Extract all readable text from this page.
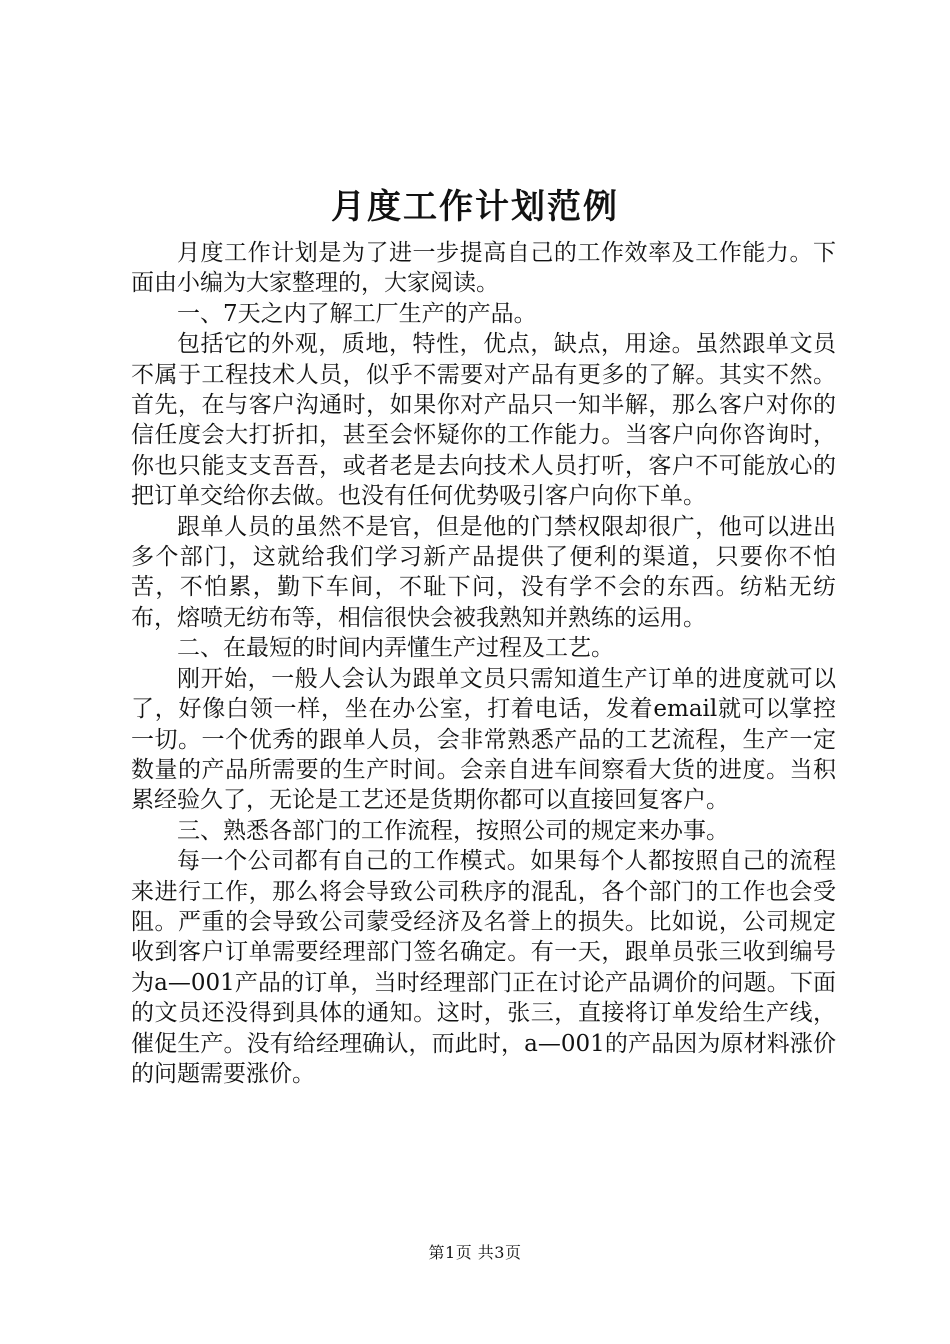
月度工作计划范例

月度工作计划是为了进一步提高自己的工作效率及工作能力。下面由小编为大家整理的，大家阅读。

一、7天之内了解工厂生产的产品。

包括它的外观，质地，特性，优点，缺点，用途。虽然跟单文员不属于工程技术人员，似乎不需要对产品有更多的了解。其实不然。首先，在与客户沟通时，如果你对产品只一知半解，那么客户对你的信任度会大打折扣，甚至会怀疑你的工作能力。当客户向你咨询时，你也只能支支吾吾，或者老是去向技术人员打听，客户不可能放心的把订单交给你去做。也没有任何优势吸引客户向你下单。

跟单人员的虽然不是官，但是他的门禁权限却很广，他可以进出多个部门，这就给我们学习新产品提供了便利的渠道，只要你不怕苦，不怕累，勤下车间，不耻下问，没有学不会的东西。纺粘无纺布，熔喷无纺布等，相信很快会被我熟知并熟练的运用。

二、在最短的时间内弄懂生产过程及工艺。

刚开始，一般人会认为跟单文员只需知道生产订单的进度就可以了，好像白领一样，坐在办公室，打着电话，发着email就可以掌控一切。一个优秀的跟单人员，会非常熟悉产品的工艺流程，生产一定数量的产品所需要的生产时间。会亲自进车间察看大货的进度。当积累经验久了，无论是工艺还是货期你都可以直接回复客户。

三、熟悉各部门的工作流程，按照公司的规定来办事。

每一个公司都有自己的工作模式。如果每个人都按照自己的流程来进行工作，那么将会导致公司秩序的混乱，各个部门的工作也会受阻。严重的会导致公司蒙受经济及名誉上的损失。比如说，公司规定收到客户订单需要经理部门签名确定。有一天，跟单员张三收到编号为a—001产品的订单，当时经理部门正在讨论产品调价的问题。下面的文员还没得到具体的通知。这时，张三，直接将订单发给生产线，催促生产。没有给经理确认，而此时，a—001的产品因为原材料涨价的问题需要涨价。

第1页 共3页
